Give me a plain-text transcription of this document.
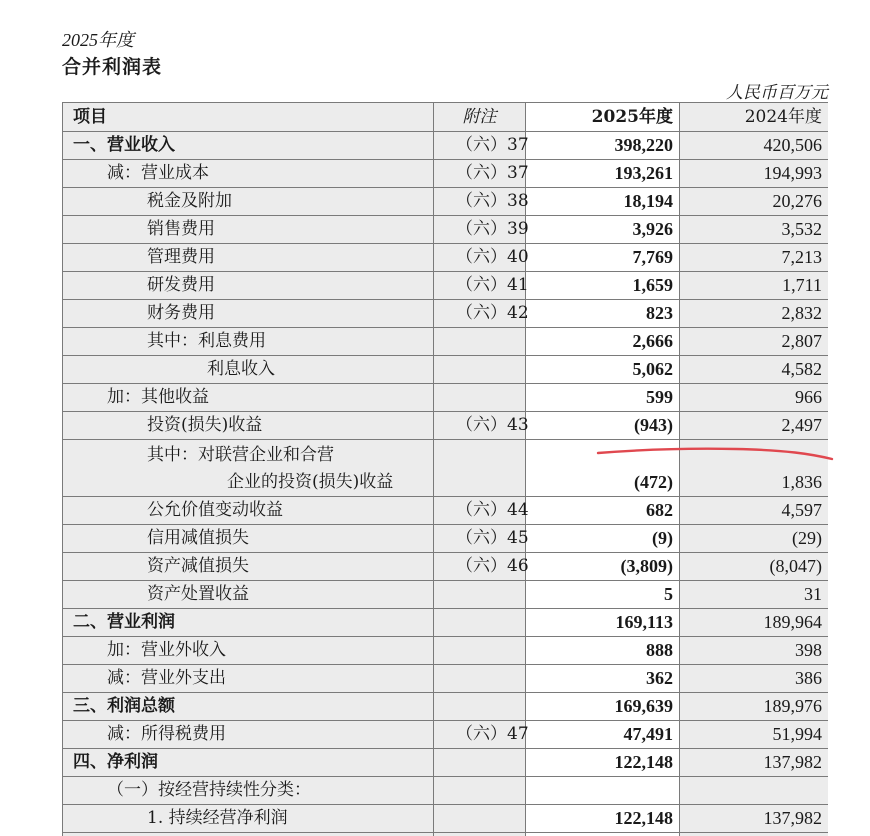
2025年度
合并利润表
人民币百万元
项目	附注	2025年度	2024年度
一、营业收入	（六）37	398,220	420,506
减：营业成本	（六）37	193,261	194,993
税金及附加	（六）38	18,194	20,276
销售费用	（六）39	3,926	3,532
管理费用	（六）40	7,769	7,213
研发费用	（六）41	1,659	1,711
财务费用	（六）42	823	2,832
其中：利息费用		2,666	2,807
利息收入		5,062	4,582
加：其他收益		599	966
投资(损失)收益	（六）43	(943)	2,497

其中：对联营企业和合营
企业的投资(损失)收益		(472)	1,836
公允价值变动收益	（六）44	682	4,597
信用减值损失	（六）45	(9)	(29)
资产减值损失	（六）46	(3,809)	(8,047)
资产处置收益		5	31
二、营业利润		169,113	189,964
加：营业外收入		888	398
减：营业外支出		362	386
三、利润总额		169,639	189,976
减：所得税费用	（六）47	47,491	51,994
四、净利润		122,148	137,982
（一）按经营持续性分类：			
1. 持续经营净利润		122,148	137,982
